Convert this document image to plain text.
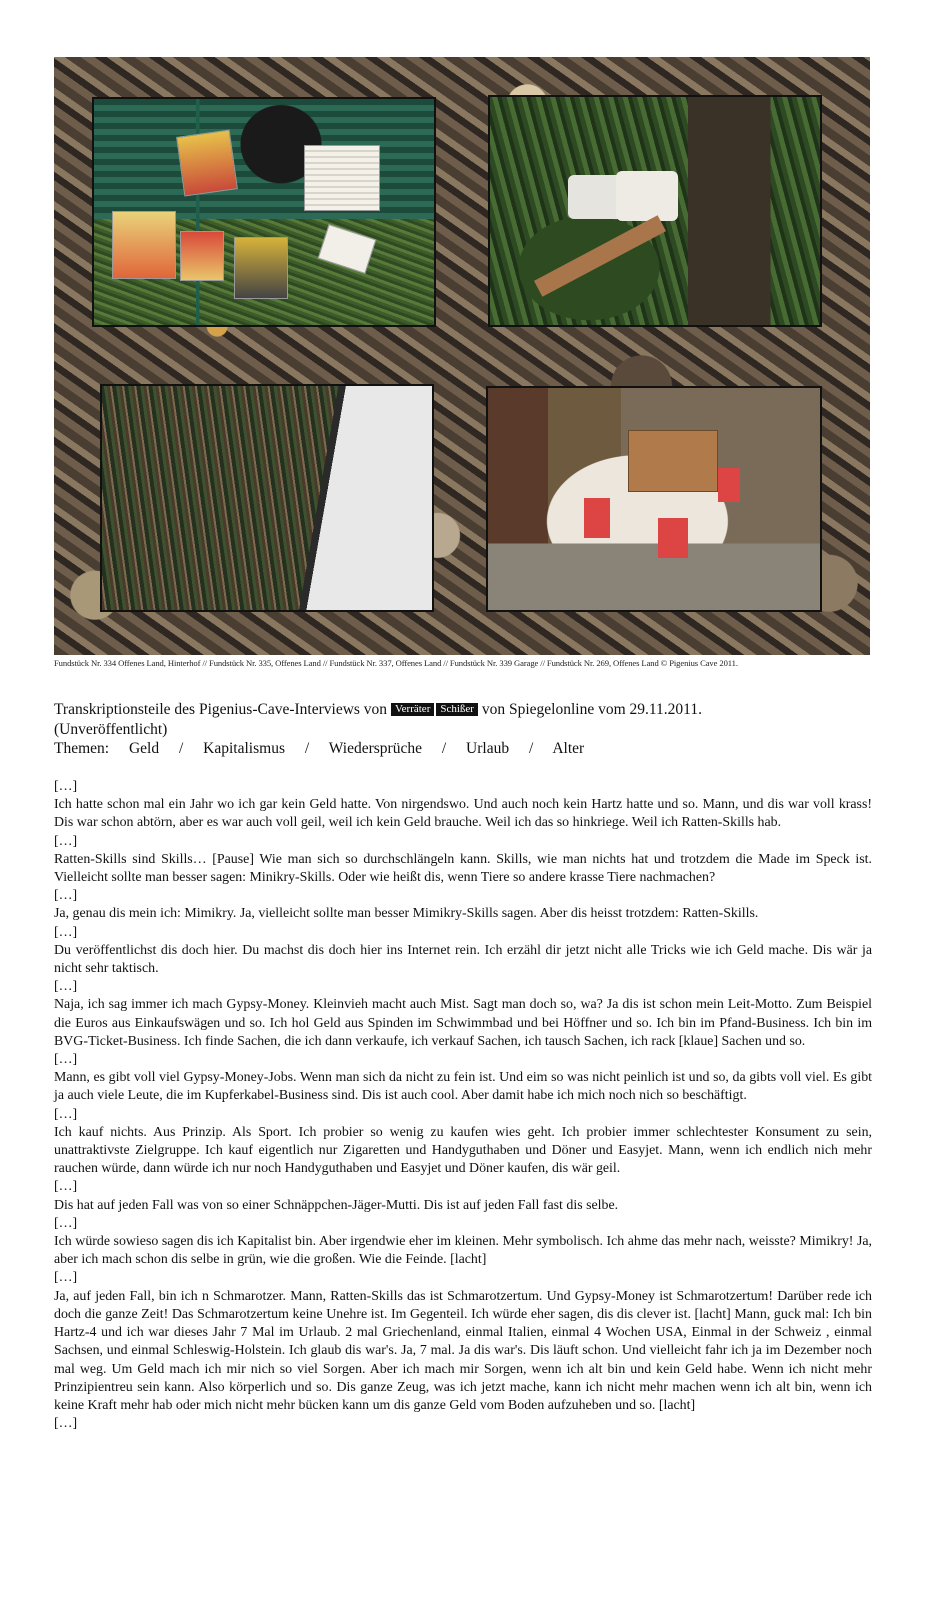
Fundstück Nr. 334 Offenes Land, Hinterhof // Fundstück Nr. 335, Offenes Land // Fundstück Nr. 337, Offenes Land // Fundstück Nr. 339 Garage // Fundstück Nr. 269, Offenes Land © Pigenius Cave 2011.
Transkriptionsteile des Pigenius-Cave-Interviews von Verräter Schißer von Spiegelonline vom 29.11.2011.
(Unveröffentlicht)
Themen: Geld / Kapitalismus / Wiedersprüche / Urlaub / Alter

[…]

Ich hatte schon mal ein Jahr wo ich gar kein Geld hatte. Von nirgendswo. Und auch noch kein Hartz hatte und so. Mann, und dis war voll krass! Dis war schon abtörn, aber es war auch voll geil, weil ich kein Geld brauche. Weil ich das so hinkriege. Weil ich Ratten-Skills hab.

[…]

Ratten-Skills sind Skills… [Pause] Wie man sich so durchschlängeln kann. Skills, wie man nichts hat und trotzdem die Made im Speck ist. Vielleicht sollte man besser sagen: Minikry-Skills. Oder wie heißt dis, wenn Tiere so andere krasse Tiere nachmachen?

[…]

Ja, genau dis mein ich: Mimikry. Ja, vielleicht sollte man besser Mimikry-Skills sagen. Aber dis heisst trotzdem: Ratten-Skills.

[…]

Du veröffentlichst dis doch hier. Du machst dis doch hier ins Internet rein. Ich erzähl dir jetzt nicht alle Tricks wie ich Geld mache. Dis wär ja nicht sehr taktisch.

[…]

Naja, ich sag immer ich mach Gypsy-Money. Kleinvieh macht auch Mist. Sagt man doch so, wa? Ja dis ist schon mein Leit-Motto. Zum Beispiel die Euros aus Einkaufswägen und so. Ich hol Geld aus Spinden im Schwimmbad und bei Höffner und so. Ich bin im Pfand-Business. Ich bin im BVG-Ticket-Business. Ich finde Sachen, die ich dann verkaufe, ich verkauf Sachen, ich tausch Sachen, ich rack [klaue] Sachen und so.

[…]

Mann, es gibt voll viel Gypsy-Money-Jobs. Wenn man sich da nicht zu fein ist. Und eim so was nicht peinlich ist und so, da gibts voll viel. Es gibt ja auch viele Leute, die im Kupferkabel-Business sind. Dis ist auch cool. Aber damit habe ich mich noch nich so beschäftigt.

[…]

Ich kauf nichts. Aus Prinzip. Als Sport. Ich probier so wenig zu kaufen wies geht. Ich probier immer schlechtester Konsument zu sein, unattraktivste Zielgruppe. Ich kauf eigentlich nur Zigaretten und Handyguthaben und Döner und Easyjet. Mann, wenn ich endlich nich mehr rauchen würde, dann würde ich nur noch Handyguthaben und Easyjet und Döner kaufen, dis wär geil.

[…]

Dis hat auf jeden Fall was von so einer Schnäppchen-Jäger-Mutti. Dis ist auf jeden Fall fast dis selbe.

[…]

Ich würde sowieso sagen dis ich Kapitalist bin. Aber irgendwie eher im kleinen. Mehr symbolisch. Ich ahme das mehr nach, weisste? Mimikry! Ja, aber ich mach schon dis selbe in grün, wie die großen. Wie die Feinde. [lacht]

[…]

Ja, auf jeden Fall, bin ich n Schmarotzer. Mann, Ratten-Skills das ist Schmarotzertum. Und Gypsy-Money ist Schmarotzertum! Darüber rede ich doch die ganze Zeit! Das Schmarotzertum keine Unehre ist. Im Gegenteil. Ich würde eher sagen, dis dis clever ist. [lacht] Mann, guck mal: Ich bin Hartz-4 und ich war dieses Jahr 7 Mal im Urlaub. 2 mal Griechenland, einmal Italien, einmal 4 Wochen USA, Einmal in der Schweiz , einmal Sachsen, und einmal Schleswig-Holstein. Ich glaub dis war's. Ja, 7 mal. Ja dis war's. Dis läuft schon. Und vielleicht fahr ich ja im Dezember noch mal weg. Um Geld mach ich mir nich so viel Sorgen. Aber ich mach mir Sorgen, wenn ich alt bin und kein Geld habe. Wenn ich nicht mehr Prinzipientreu sein kann. Also körperlich und so. Dis ganze Zeug, was ich jetzt mache, kann ich nicht mehr machen wenn ich alt bin, wenn ich keine Kraft mehr hab oder mich nicht mehr bücken kann um dis ganze Geld vom Boden aufzuheben und so. [lacht]

[…]
